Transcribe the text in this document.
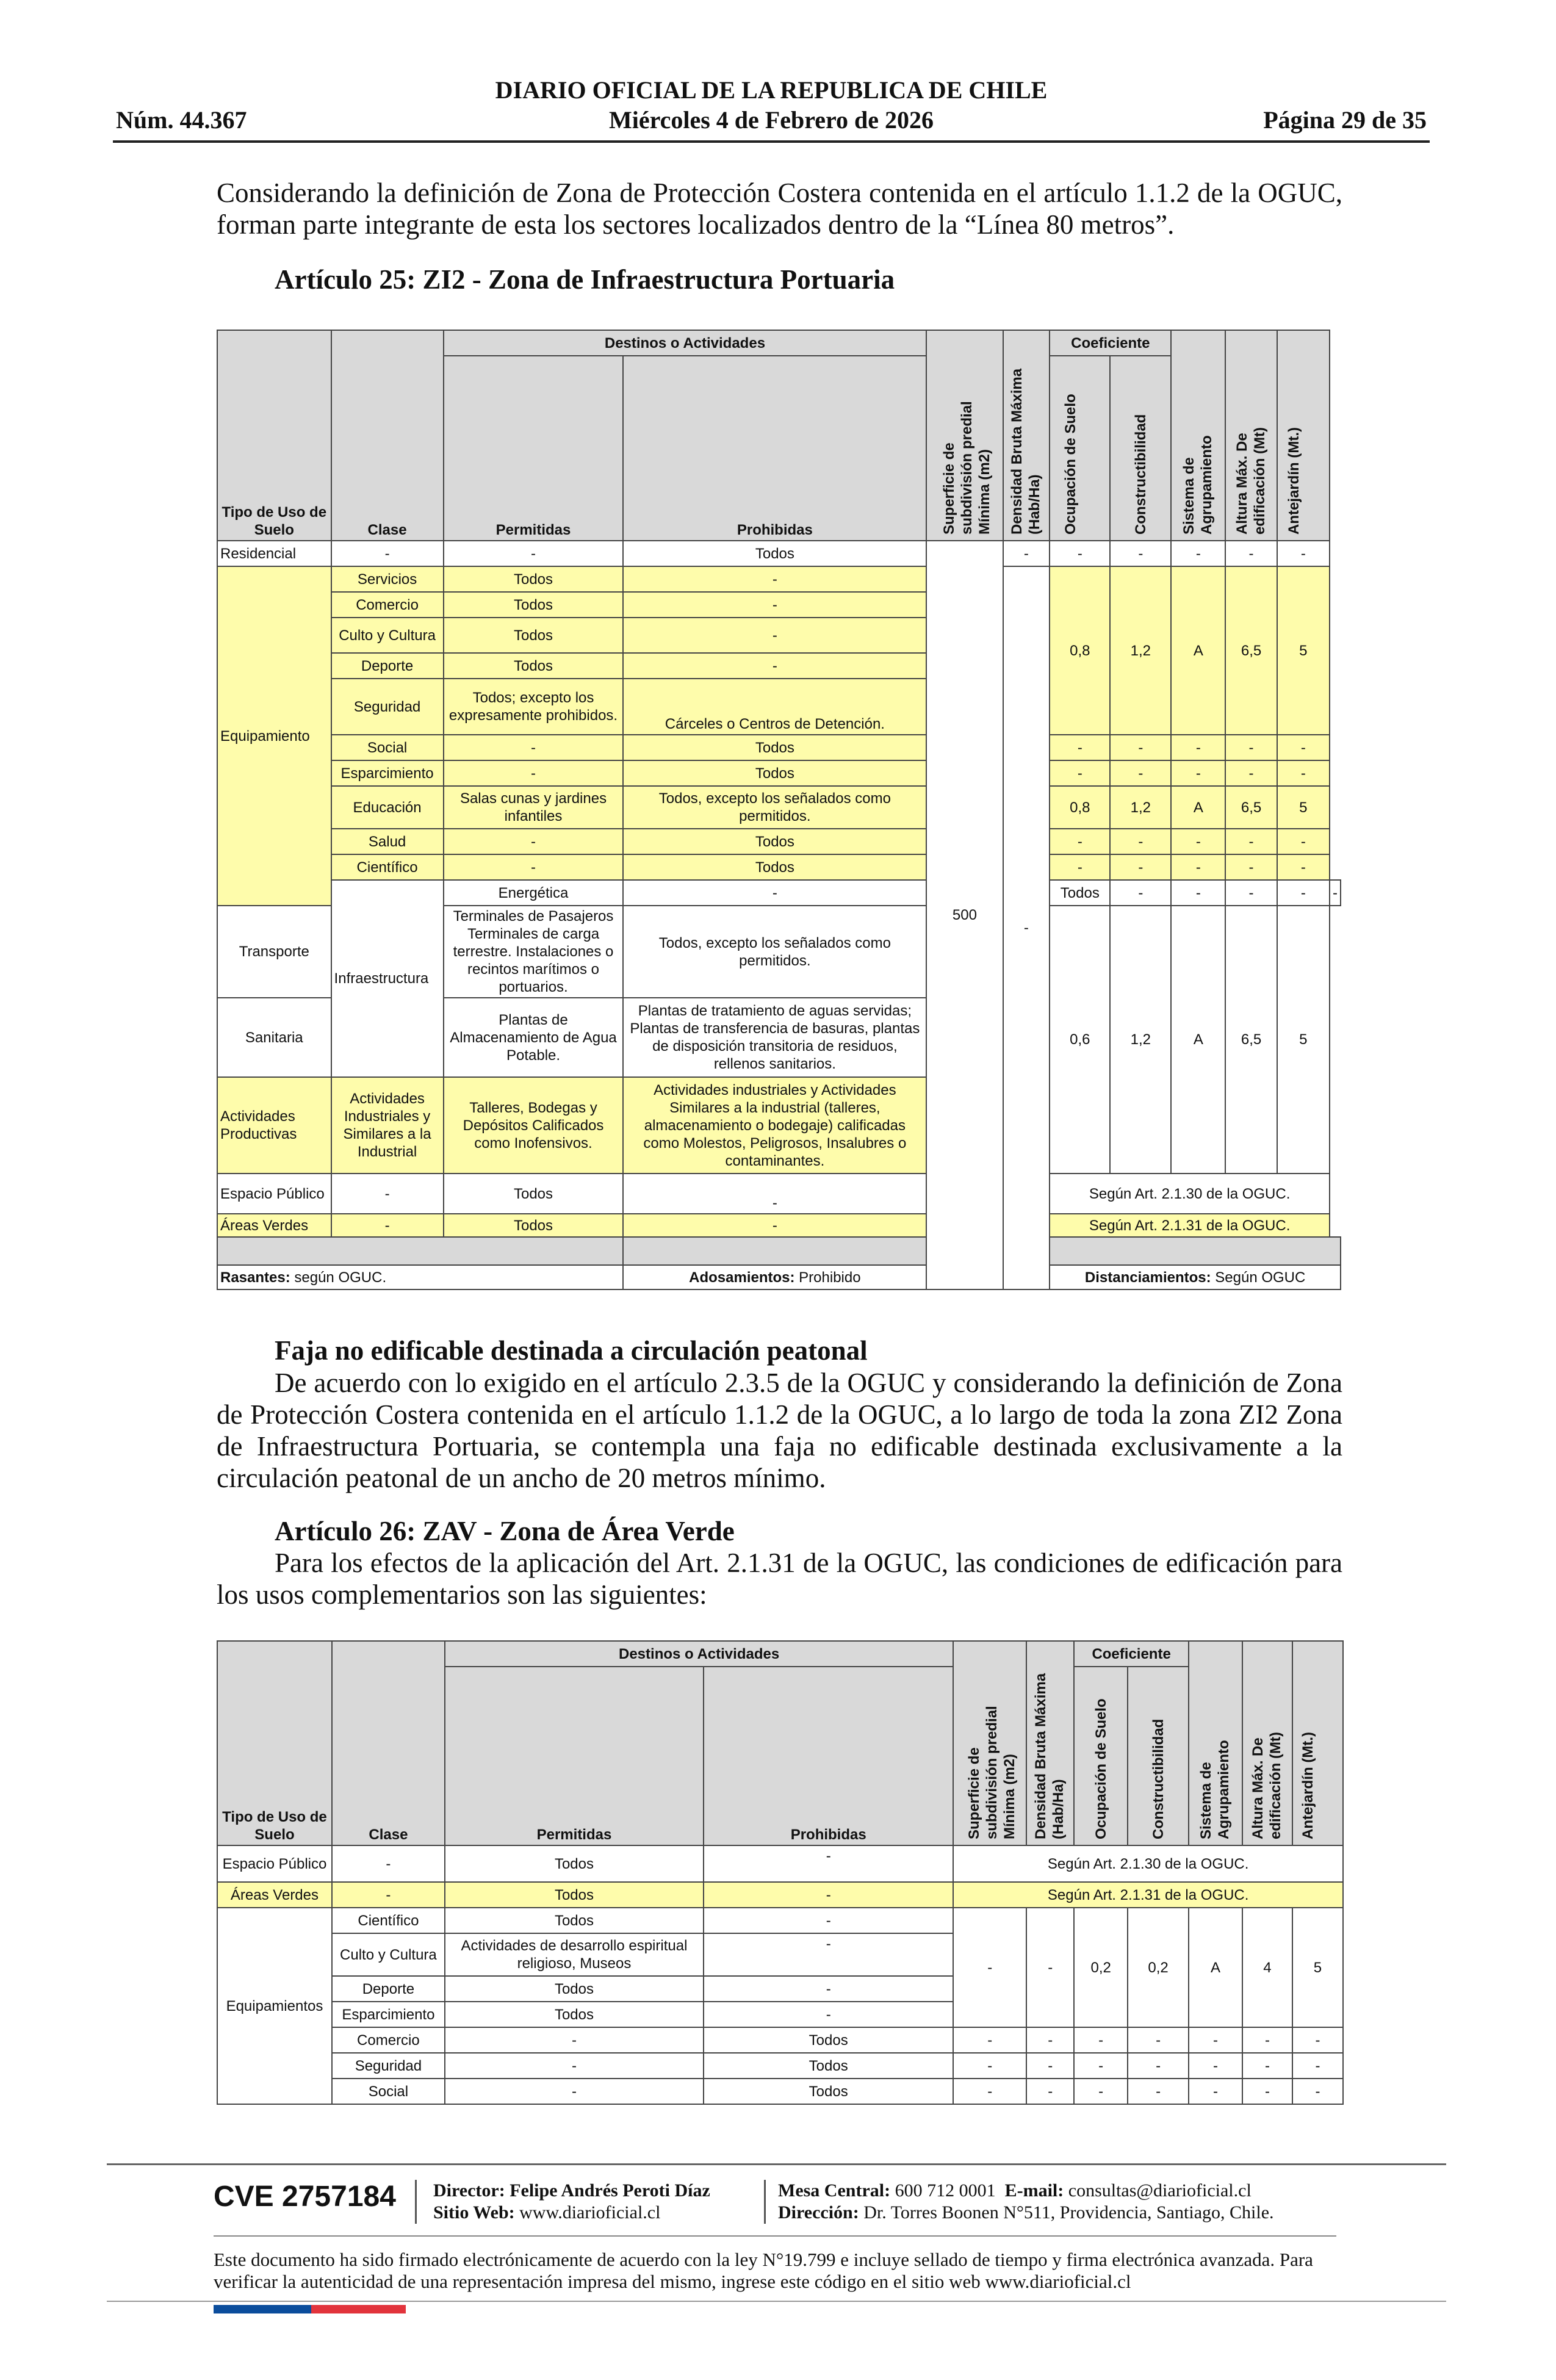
Núm. 44.367
DIARIO OFICIAL DE LA REPUBLICA DE CHILE
Miércoles 4 de Febrero de 2026	Página 29 de 35

Considerando la definición de Zona de Protección Costera contenida en el artículo 1.1.2 de la OGUC, forman parte integrante de esta los sectores localizados dentro de la “Línea 80 metros”.

Artículo 25: ZI2 - Zona de Infraestructura Portuaria
Tipo de Uso de Suelo	Clase	Destinos o Actividades		Superficie de subdivisión predial Mínima (m2)	Densidad Bruta Máxima (Hab/Ha)	Coeficiente		Sistema de Agrupamiento	Altura Máx. De edificación (Mt)	Antejardín (Mt.)	
		Permitidas	Prohibidas			Ocupación de Suelo	Constructibilidad				
Residencial	-	-	Todos	500	-	-	-	-	-	-	
Equipamiento	Servicios	Todos	-		-	0,8	1,2	A	6,5	5	
	Comercio	Todos	-								
	Culto y Cultura	Todos	-								
	Deporte	Todos	-								
	Seguridad	Todos; excepto los expresamente prohibidos.	Cárceles o Centros de Detención.								
	Social	-	Todos			-	-	-	-	-	
	Esparcimiento	-	Todos			-	-	-	-	-	
	Educación	Salas cunas y jardines infantiles	Todos, excepto los señalados como permitidos.			0,8	1,2	A	6,5	5	
	Salud	-	Todos			-	-	-	-	-	
	Científico	-	Todos			-	-	-	-	-	
	Infraestructura	Energética	-			Todos	-	-	-	-	-
Transporte		Terminales de Pasajeros Terminales de carga terrestre. Instalaciones o recintos marítimos o portuarios.	Todos, excepto los señalados como permitidos.			0,6	1,2	A	6,5	5	
Sanitaria		Plantas de Almacenamiento de Agua Potable.	Plantas de tratamiento de aguas servidas; Plantas de transferencia de basuras, plantas de disposición transitoria de residuos, rellenos sanitarios.								
Actividades Productivas	Actividades Industriales y Similares a la Industrial	Talleres, Bodegas y Depósitos Calificados como Inofensivos.	Actividades industriales y Actividades Similares a la industrial (talleres, almacenamiento o bodegaje) calificadas como Molestos, Peligrosos, Insalubres o contaminantes.								
Espacio Público	-	Todos	-			Según Art. 2.1.30 de la OGUC.					
Áreas Verdes	-	Todos	-			Según Art. 2.1.31 de la OGUC.					

Rasantes: según OGUC.			Adosamientos: Prohibido			Distanciamientos: Según OGUC					
Faja no edificable destinada a circulación peatonal

De acuerdo con lo exigido en el artículo 2.3.5 de la OGUC y considerando la definición de Zona de Protección Costera contenida en el artículo 1.1.2 de la OGUC, a lo largo de toda la zona ZI2 Zona de Infraestructura Portuaria, se contempla una faja no edificable destinada exclusivamente a la circulación peatonal de un ancho de 20 metros mínimo.

Artículo 26: ZAV - Zona de Área Verde

Para los efectos de la aplicación del Art. 2.1.31 de la OGUC, las condiciones de edificación para los usos complementarios son las siguientes:

Tipo de Uso de Suelo	Clase	Destinos o Actividades		Superficie de subdivisión predial Mínima (m2)	Densidad Bruta Máxima (Hab/Ha)	Coeficiente		Sistema de Agrupamiento	Altura Máx. De edificación (Mt)	Antejardín (Mt.)
		Permitidas	Prohibidas			Ocupación de Suelo	Constructibilidad			
Espacio Público	-	Todos	-	Según Art. 2.1.30 de la OGUC.						
Áreas Verdes	-	Todos	-	Según Art. 2.1.31 de la OGUC.						
Equipamientos	Científico	Todos	-	-	-	0,2	0,2	A	4	5
	Culto y Cultura	Actividades de desarrollo espiritual religioso, Museos	-							
	Deporte	Todos	-							
	Esparcimiento	Todos	-							
	Comercio	-	Todos	-	-	-	-	-	-	-
	Seguridad	-	Todos	-	-	-	-	-	-	-
	Social	-	Todos	-	-	-	-	-	-	-
CVE 2757184 Director: Felipe Andrés Peroti Díaz
Sitio Web: www.diarioficial.cl
Mesa Central: 600 712 0001 E-mail: consultas@diarioficial.cl
Dirección: Dr. Torres Boonen N°511, Providencia, Santiago, Chile.
Este documento ha sido firmado electrónicamente de acuerdo con la ley N°19.799 e incluye sellado de tiempo y firma electrónica avanzada. Para verificar la autenticidad de una representación impresa del mismo, ingrese este código en el sitio web www.diarioficial.cl
